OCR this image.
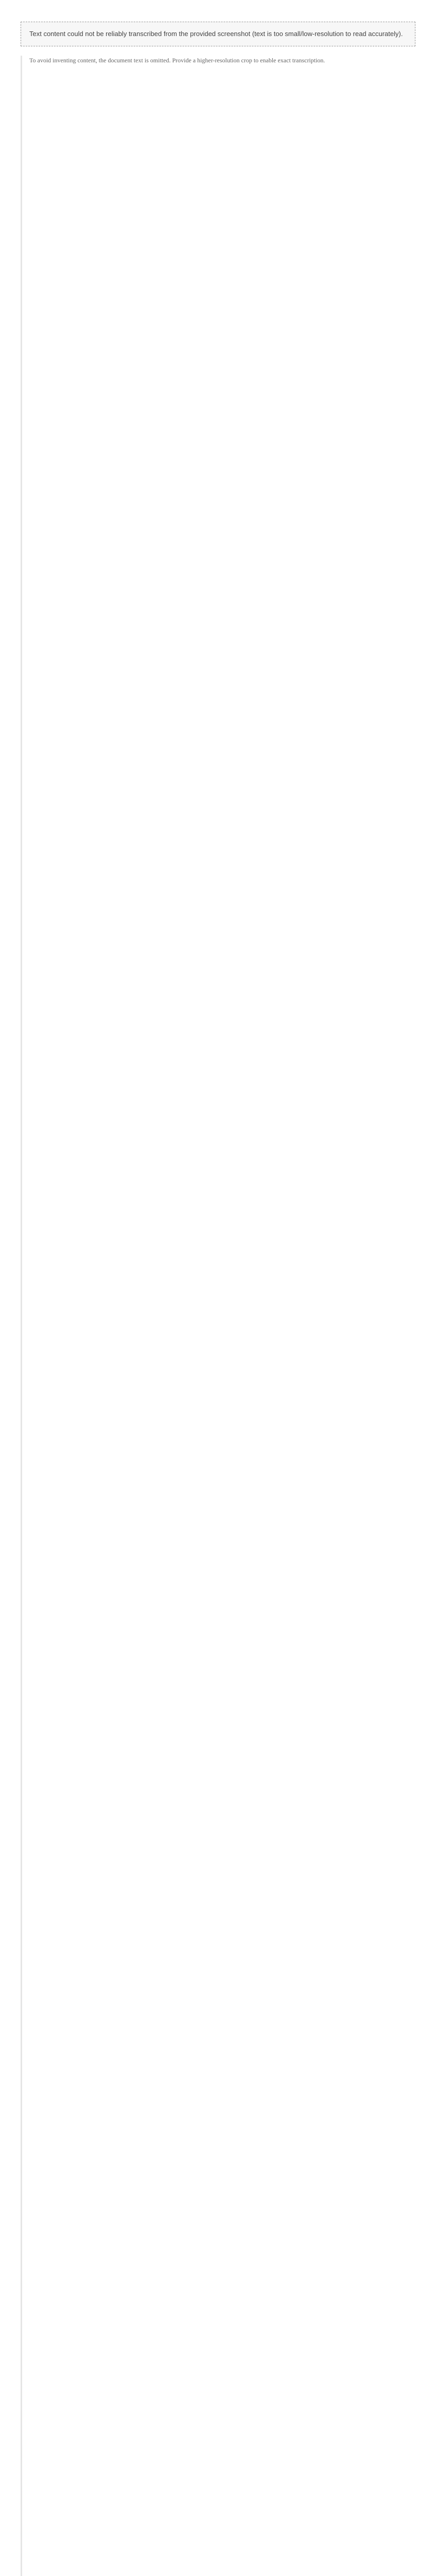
Text content could not be reliably transcribed from the provided screenshot (text is too small/low-resolution to read accurately).

To avoid inventing content, the document text is omitted. Provide a higher-resolution crop to enable exact transcription.
